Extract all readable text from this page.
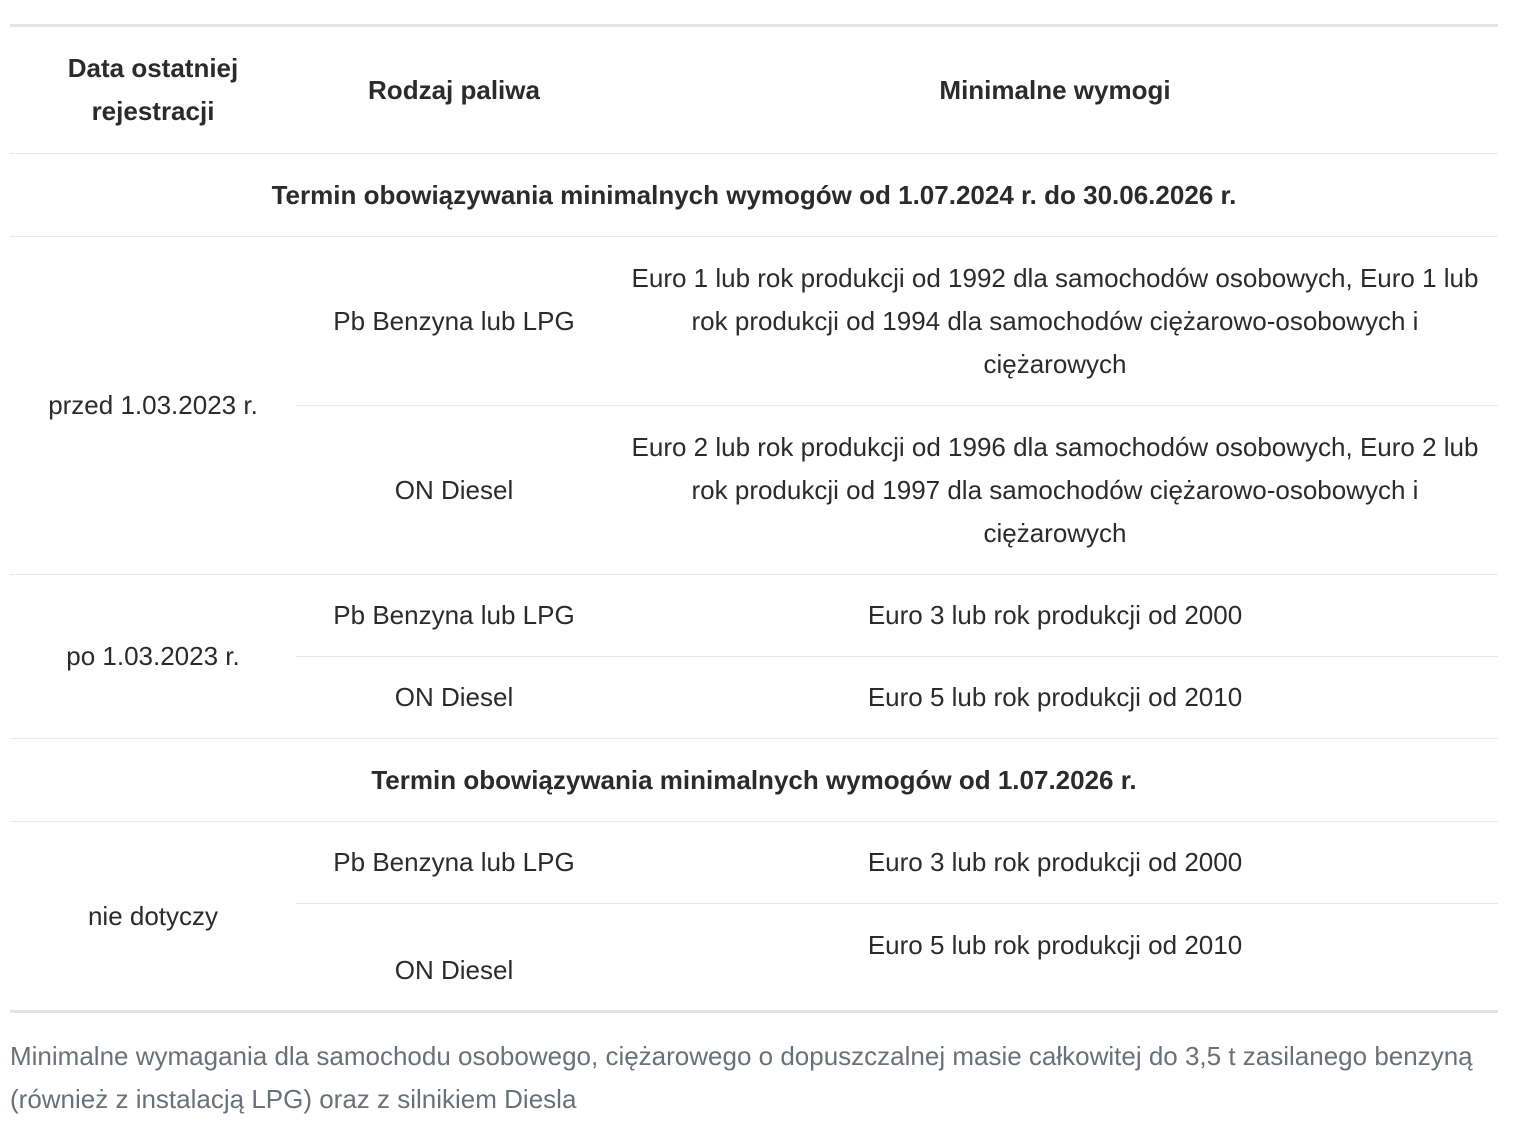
Data ostatniej rejestracji	Rodzaj paliwa	Minimalne wymogi
Termin obowiązywania minimalnych wymogów od 1.07.2024 r. do 30.06.2026 r.		
przed 1.03.2023 r.	Pb Benzyna lub LPG	Euro 1 lub rok produkcji od 1992 dla samochodów osobowych, Euro 1 lub rok produkcji od 1994 dla samochodów ciężarowo-osobowych i ciężarowych
	ON Diesel	Euro 2 lub rok produkcji od 1996 dla samochodów osobowych, Euro 2 lub rok produkcji od 1997 dla samochodów ciężarowo-osobowych i ciężarowych
po 1.03.2023 r.	Pb Benzyna lub LPG	Euro 3 lub rok produkcji od 2000
	ON Diesel	Euro 5 lub rok produkcji od 2010
Termin obowiązywania minimalnych wymogów od 1.07.2026 r.		
nie dotyczy	Pb Benzyna lub LPG	Euro 3 lub rok produkcji od 2000
	ON Diesel	Euro 5 lub rok produkcji od 2010
Minimalne wymagania dla samochodu osobowego, ciężarowego o dopuszczalnej masie całkowitej do 3,5 t zasilanego benzyną (również z instalacją LPG) oraz z silnikiem Diesla
